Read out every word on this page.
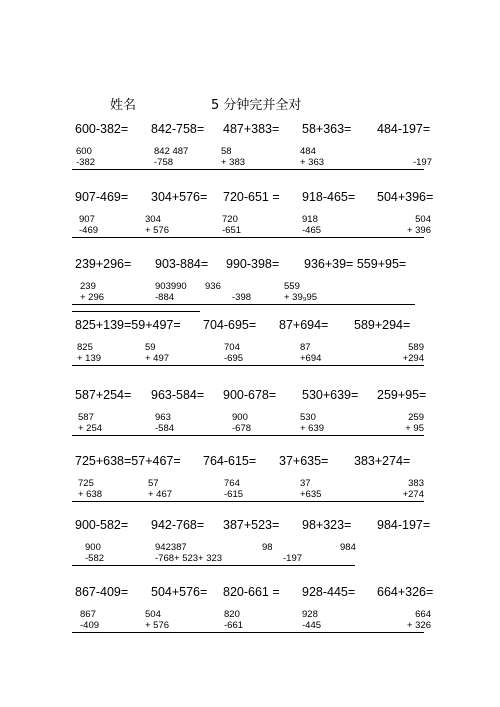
姓名	5 分钟完并全对
600-382= 842-758= 487+383= 58+363= 484-197=
600
-382
842 487
-758
58
+ 383
484
+ 363	
-197
907-469= 304+576= 720-651 = 918-465= 504+396=
907
-469
304
+ 576
720
-651
918
-465
504
+ 396
239+296= 903-884= 990-398= 936+39= 559+95=
239
+ 296
903990
-884
936

-398
559
+ 39₉95
825+139=59+497= 704-695= 87+694= 589+294=
825
+ 139
59
+ 497
704
-695
87
+694
589
+294
587+254= 963-584= 900-678= 530+639= 259+95=
587
+ 254
963
-584
900
-678
530
+ 639
259
+ 95
725+638=57+467= 764-615= 37+635= 383+274=
725
+ 638
57
+ 467
764
-615
37
+635
383
+274
900-582= 942-768= 387+523= 98+323= 984-197=
900
-582
942387
-768+ 523+ 323
98

-197
984
867-409= 504+576= 820-661 = 928-445= 664+326=
867
-409
504
+ 576
820
-661
928
-445
664
+ 326
